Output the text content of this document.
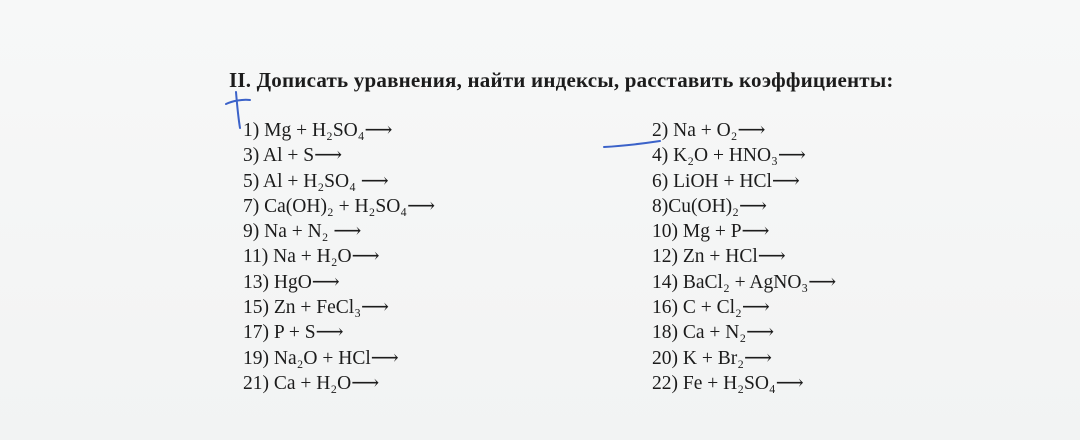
II. Дописать уравнения, найти индексы, расставить коэффициенты:
1) Mg + H₂SO₄⟶
3) Al + S⟶
5) Al + H₂SO₄ ⟶
7) Ca(OH)₂ + H₂SO₄⟶
9) Na + N₂ ⟶
11) Na + H₂O⟶
13) HgO⟶
15) Zn + FeCl₃⟶
17) P + S⟶
19) Na₂O + HCl⟶
21) Ca + H₂O⟶
2) Na + O₂⟶
4) K₂O + HNO₃⟶
6) LiOH + HCl⟶
8)Cu(OH)₂⟶
10) Mg + P⟶
12) Zn + HCl⟶
14) BaCl₂ + AgNO₃⟶
16) C + Cl₂⟶
18) Ca + N₂⟶
20) K + Br₂⟶
22) Fe + H₂SO₄⟶
